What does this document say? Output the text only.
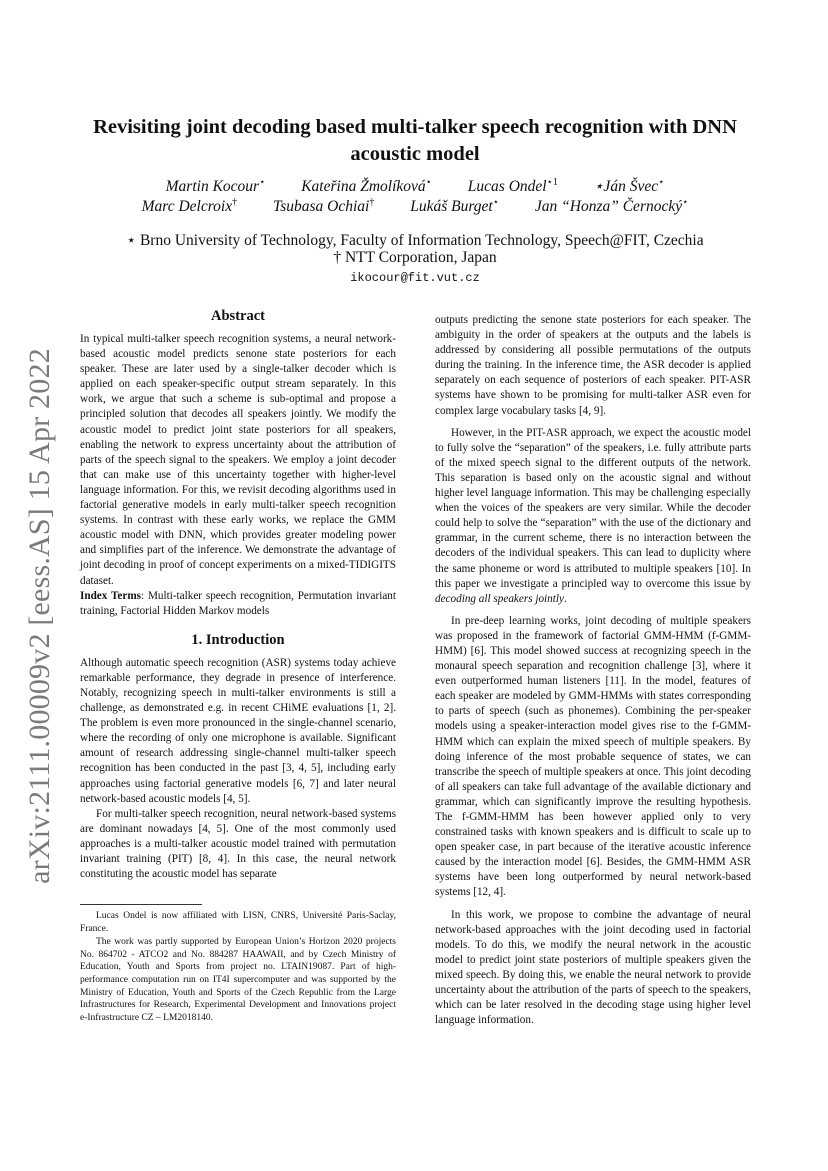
arXiv:2111.00009v2 [eess.AS] 15 Apr 2022
Revisiting joint decoding based multi-talker speech recognition with DNN acoustic model
Martin Kocour⋆ Kateřina Žmolíková⋆ Lucas Ondel$^{⋆1}$ ⋆Ján Švec⋆
Marc Delcroix† Tsubasa Ochiai† Lukáš Burget⋆ Jan “Honza” Černocký⋆
⋆ Brno University of Technology, Faculty of Information Technology, Speech@FIT, Czechia
† NTT Corporation, Japan
ikocour@fit.vut.cz
Abstract

In typical multi-talker speech recognition systems, a neural network-based acoustic model predicts senone state posteriors for each speaker. These are later used by a single-talker decoder which is applied on each speaker-specific output stream separately. In this work, we argue that such a scheme is sub-optimal and propose a principled solution that decodes all speakers jointly. We modify the acoustic model to predict joint state posteriors for all speakers, enabling the network to express uncertainty about the attribution of parts of the speech signal to the speakers. We employ a joint decoder that can make use of this uncertainty together with higher-level language information. For this, we revisit decoding algorithms used in factorial generative models in early multi-talker speech recognition systems. In contrast with these early works, we replace the GMM acoustic model with DNN, which provides greater modeling power and simplifies part of the inference. We demonstrate the advantage of joint decoding in proof of concept experiments on a mixed-TIDIGITS dataset.

Index Terms: Multi-talker speech recognition, Permutation invariant training, Factorial Hidden Markov models

1. Introduction

Although automatic speech recognition (ASR) systems today achieve remarkable performance, they degrade in presence of interference. Notably, recognizing speech in multi-talker environments is still a challenge, as demonstrated e.g. in recent CHiME evaluations [1, 2]. The problem is even more pronounced in the single-channel scenario, where the recording of only one microphone is available. Significant amount of research addressing single-channel multi-talker speech recognition has been conducted in the past [3, 4, 5], including early approaches using factorial generative models [6, 7] and later neural network-based acoustic models [4, 5].

For multi-talker speech recognition, neural network-based systems are dominant nowadays [4, 5]. One of the most commonly used approaches is a multi-talker acoustic model trained with permutation invariant training (PIT) [8, 4]. In this case, the neural network constituting the acoustic model has separate

Lucas Ondel is now affiliated with LISN, CNRS, Université Paris-Saclay, France.

The work was partly supported by European Union’s Horizon 2020 projects No. 864702 - ATCO2 and No. 884287 HAAWAII, and by Czech Ministry of Education, Youth and Sports from project no. LTAIN19087. Part of high-performance computation run on IT4I supercomputer and was supported by the Ministry of Education, Youth and Sports of the Czech Republic from the Large Infrastructures for Research, Experimental Development and Innovations project e-Infrastructure CZ – LM2018140.

outputs predicting the senone state posteriors for each speaker. The ambiguity in the order of speakers at the outputs and the labels is addressed by considering all possible permutations of the outputs during the training. In the inference time, the ASR decoder is applied separately on each sequence of posteriors of each speaker. PIT-ASR systems have shown to be promising for multi-talker ASR even for complex large vocabulary tasks [4, 9].

However, in the PIT-ASR approach, we expect the acoustic model to fully solve the “separation” of the speakers, i.e. fully attribute parts of the mixed speech signal to the different outputs of the network. This separation is based only on the acoustic signal and without higher level language information. This may be challenging especially when the voices of the speakers are very similar. While the decoder could help to solve the “separation” with the use of the dictionary and grammar, in the current scheme, there is no interaction between the decoders of the individual speakers. This can lead to duplicity where the same phoneme or word is attributed to multiple speakers [10]. In this paper we investigate a principled way to overcome this issue by decoding all speakers jointly.

In pre-deep learning works, joint decoding of multiple speakers was proposed in the framework of factorial GMM-HMM (f-GMM-HMM) [6]. This model showed success at recognizing speech in the monaural speech separation and recognition challenge [3], where it even outperformed human listeners [11]. In the model, features of each speaker are modeled by GMM-HMMs with states corresponding to parts of speech (such as phonemes). Combining the per-speaker models using a speaker-interaction model gives rise to the f-GMM-HMM which can explain the mixed speech of multiple speakers. By doing inference of the most probable sequence of states, we can transcribe the speech of multiple speakers at once. This joint decoding of all speakers can take full advantage of the available dictionary and grammar, which can significantly improve the resulting hypothesis. The f-GMM-HMM has been however applied only to very constrained tasks with known speakers and is difficult to scale up to open speaker case, in part because of the iterative acoustic inference caused by the interaction model [6]. Besides, the GMM-HMM ASR systems have been long outperformed by neural network-based systems [12, 4].

In this work, we propose to combine the advantage of neural network-based approaches with the joint decoding used in factorial models. To do this, we modify the neural network in the acoustic model to predict joint state posteriors of multiple speakers given the mixed speech. By doing this, we enable the neural network to provide uncertainty about the attribution of the parts of speech to the speakers, which can be later resolved in the decoding stage using higher level language information.
